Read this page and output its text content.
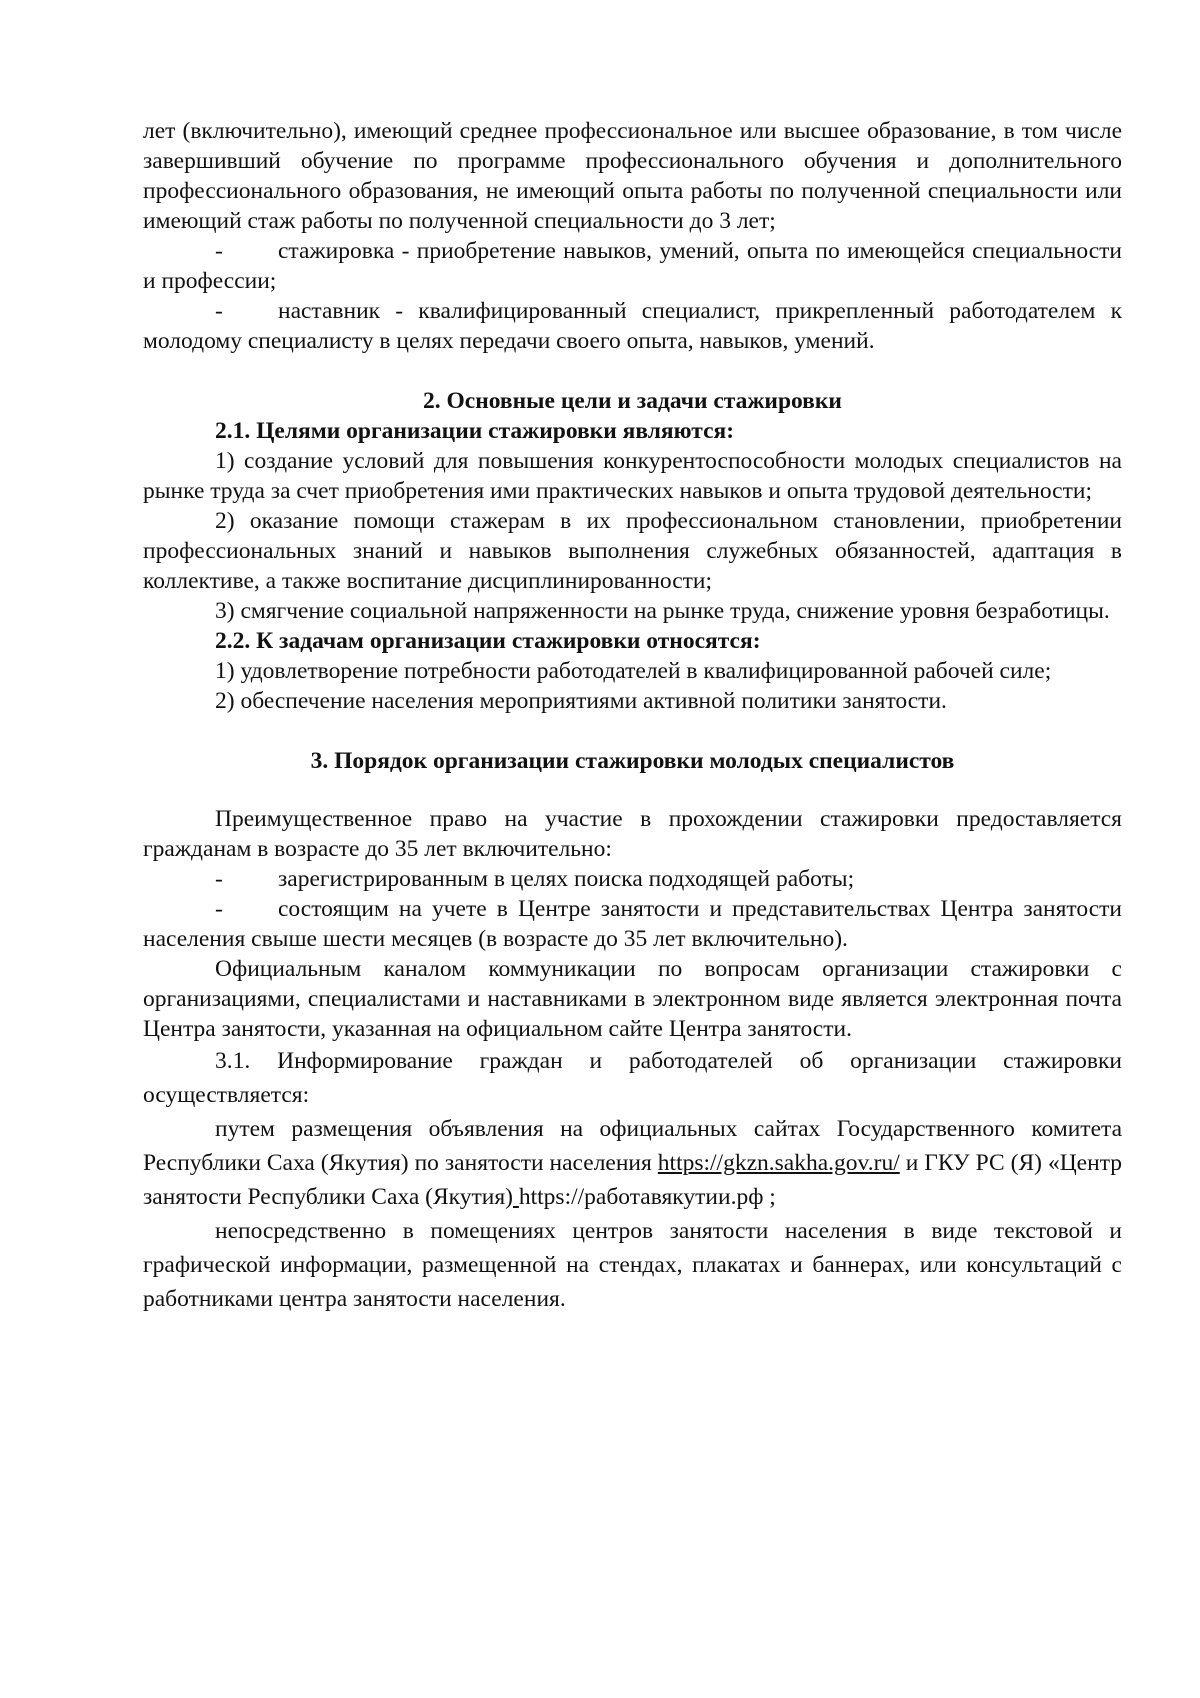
лет (включительно), имеющий среднее профессиональное или высшее образование, в том числе завершивший обучение по программе профессионального обучения и дополнительного профессионального образования, не имеющий опыта работы по полученной специальности или имеющий стаж работы по полученной специальности до 3 лет;

- стажировка - приобретение навыков, умений, опыта по имеющейся специальности и профессии;

- наставник - квалифицированный специалист, прикрепленный работодателем к молодому специалисту в целях передачи своего опыта, навыков, умений.

2. Основные цели и задачи стажировки

2.1. Целями организации стажировки являются:

1) создание условий для повышения конкурентоспособности молодых специалистов на рынке труда за счет приобретения ими практических навыков и опыта трудовой деятельности;

2) оказание помощи стажерам в их профессиональном становлении, приобретении профессиональных знаний и навыков выполнения служебных обязанностей, адаптация в коллективе, а также воспитание дисциплинированности;

3) смягчение социальной напряженности на рынке труда, снижение уровня безработицы.

2.2. К задачам организации стажировки относятся:

1) удовлетворение потребности работодателей в квалифицированной рабочей силе;

2) обеспечение населения мероприятиями активной политики занятости.

3. Порядок организации стажировки молодых специалистов

Преимущественное право на участие в прохождении стажировки предоставляется гражданам в возрасте до 35 лет включительно:

- зарегистрированным в целях поиска подходящей работы;

- состоящим на учете в Центре занятости и представительствах Центра занятости населения свыше шести месяцев (в возрасте до 35 лет включительно).

Официальным каналом коммуникации по вопросам организации стажировки с организациями, специалистами и наставниками в электронном виде является электронная почта Центра занятости, указанная на официальном сайте Центра занятости.

3.1. Информирование граждан и работодателей об организации стажировки осуществляется:

путем размещения объявления на официальных сайтах Государственного комитета Республики Саха (Якутия) по занятости населения https://gkzn.sakha.gov.ru/ и ГКУ РС (Я) «Центр занятости Республики Саха (Якутия) https://работавякутии.рф ;

непосредственно в помещениях центров занятости населения в виде текстовой и графической информации, размещенной на стендах, плакатах и баннерах, или консультаций с работниками центра занятости населения.
